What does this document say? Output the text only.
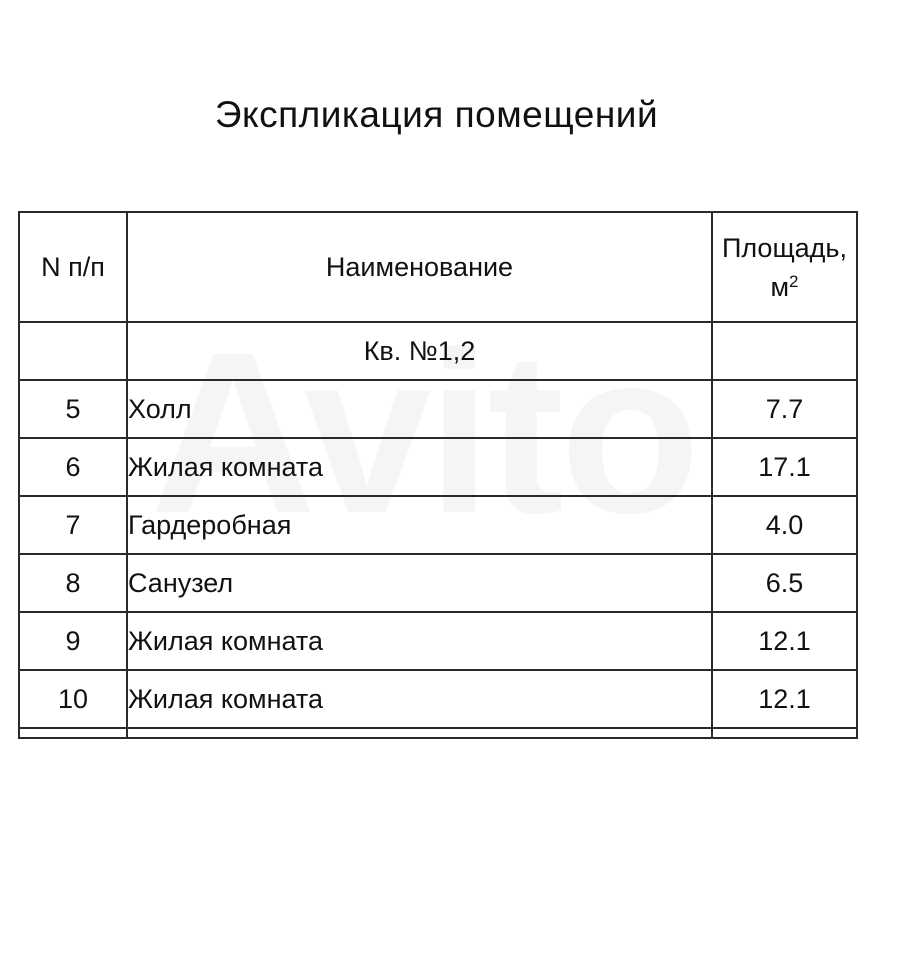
Экспликация помещений
N п/п	Наименование	Площадь,
$м^2$
	Кв. №1,2	
5	Холл	7.7
6	Жилая комната	17.1
7	Гардеробная	4.0
8	Санузел	6.5
9	Жилая комната	12.1
10	Жилая комната	12.1
